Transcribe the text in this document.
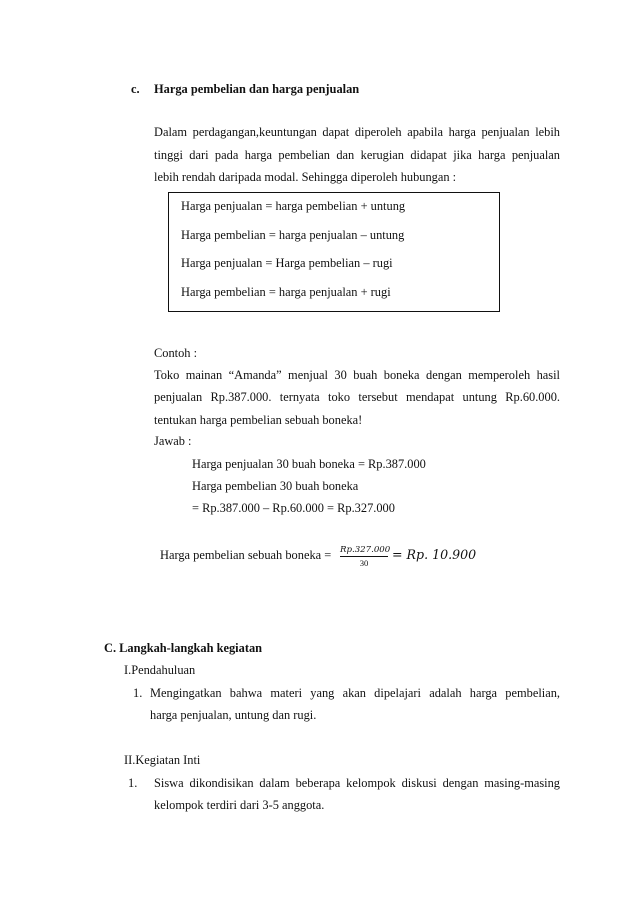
c. Harga pembelian dan harga penjualan
Dalam perdagangan,keuntungan dapat diperoleh apabila harga penjualan lebih
tinggi dari pada harga pembelian dan kerugian didapat jika harga penjualan
lebih rendah daripada modal. Sehingga diperoleh hubungan :
Harga penjualan = harga pembelian + untung
Harga pembelian = harga penjualan – untung
Harga penjualan = Harga pembelian – rugi
Harga pembelian = harga penjualan + rugi
Contoh :
Toko mainan “Amanda” menjual 30 buah boneka dengan memperoleh hasil
penjualan Rp.387.000. ternyata toko tersebut mendapat untung Rp.60.000.
tentukan harga pembelian sebuah boneka!
Jawab :
Harga penjualan 30 buah boneka = Rp.387.000
Harga pembelian 30 buah boneka
= Rp.387.000 – Rp.60.000 = Rp.327.000
Harga pembelian sebuah boneka = Rp.327.000
30
= Rp. 10.900
C. Langkah-langkah kegiatan
I.Pendahuluan
1. Mengingatkan bahwa materi yang akan dipelajari adalah harga pembelian,
harga penjualan, untung dan rugi.
II.Kegiatan Inti
1. Siswa dikondisikan dalam beberapa kelompok diskusi dengan masing-masing
kelompok terdiri dari 3-5 anggota.
